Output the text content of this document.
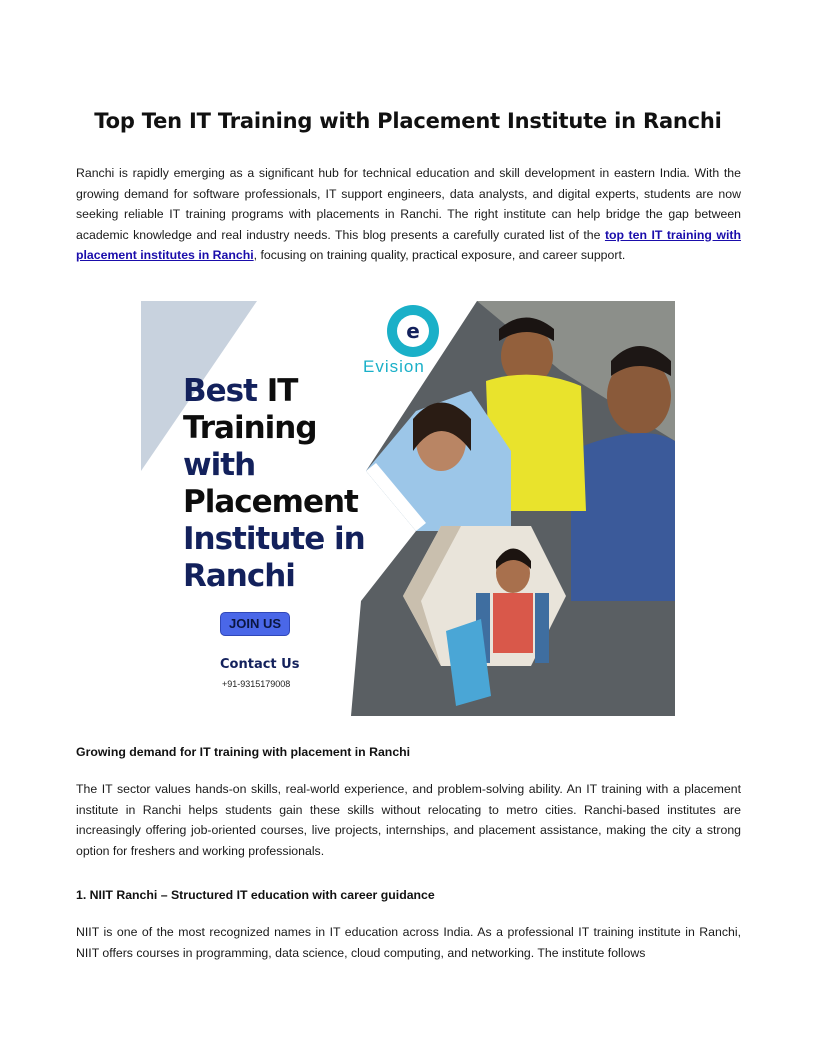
Top Ten IT Training with Placement Institute in Ranchi
Ranchi is rapidly emerging as a significant hub for technical education and skill development in eastern India. With the growing demand for software professionals, IT support engineers, data analysts, and digital experts, students are now seeking reliable IT training programs with placements in Ranchi. The right institute can help bridge the gap between academic knowledge and real industry needs. This blog presents a carefully curated list of the top ten IT training with placement institutes in Ranchi, focusing on training quality, practical exposure, and career support.
e
Evision
Best IT
Training
with
Placement
Institute in
Ranchi
JOIN US
Contact Us
+91-9315179008
Growing demand for IT training with placement in Ranchi
The IT sector values hands-on skills, real-world experience, and problem-solving ability. An IT training with a placement institute in Ranchi helps students gain these skills without relocating to metro cities. Ranchi-based institutes are increasingly offering job-oriented courses, live projects, internships, and placement assistance, making the city a strong option for freshers and working professionals.
1. NIIT Ranchi – Structured IT education with career guidance
NIIT is one of the most recognized names in IT education across India. As a professional IT training institute in Ranchi, NIIT offers courses in programming, data science, cloud computing, and networking. The institute follows
